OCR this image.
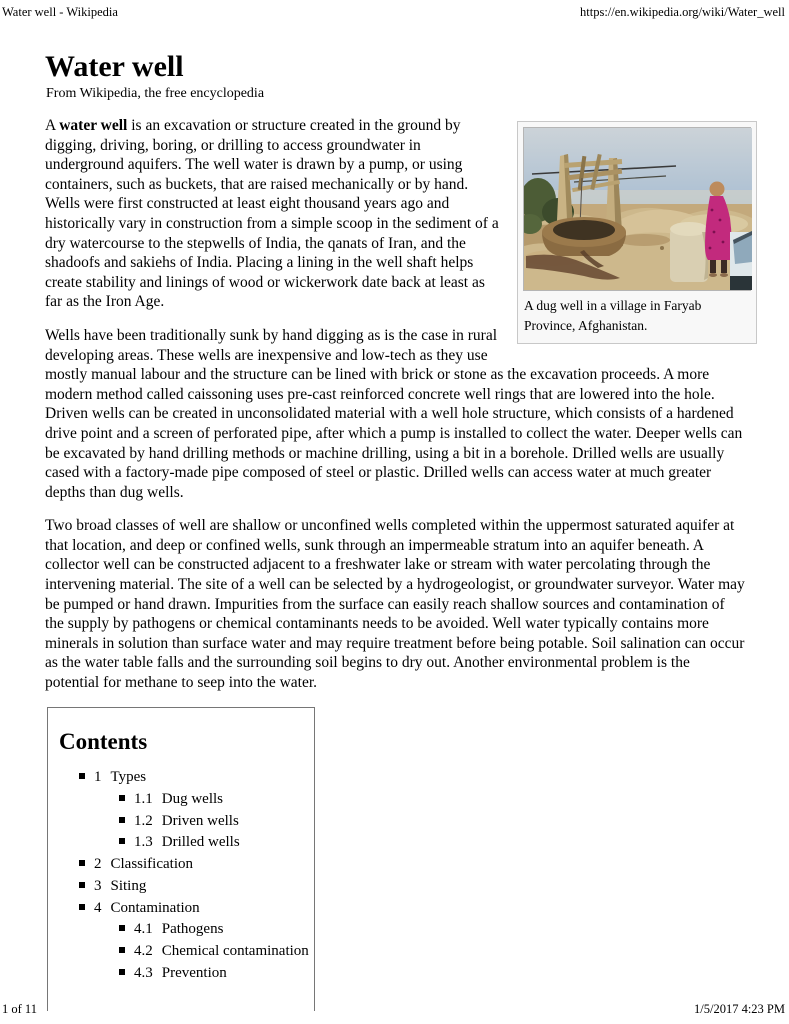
Water well - Wikipedia	https://en.wikipedia.org/wiki/Water_well
Water well
From Wikipedia, the free encyclopedia
A dug well in a village in Faryab Province, Afghanistan.

A water well is an excavation or structure created in the ground by digging, driving, boring, or drilling to access groundwater in underground aquifers. The well water is drawn by a pump, or using containers, such as buckets, that are raised mechanically or by hand. Wells were first constructed at least eight thousand years ago and historically vary in construction from a simple scoop in the sediment of a dry watercourse to the stepwells of India, the qanats of Iran, and the shadoofs and sakiehs of India. Placing a lining in the well shaft helps create stability and linings of wood or wickerwork date back at least as far as the Iron Age.

Wells have been traditionally sunk by hand digging as is the case in rural developing areas. These wells are inexpensive and low-tech as they use mostly manual labour and the structure can be lined with brick or stone as the excavation proceeds. A more modern method called caissoning uses pre-cast reinforced concrete well rings that are lowered into the hole. Driven wells can be created in unconsolidated material with a well hole structure, which consists of a hardened drive point and a screen of perforated pipe, after which a pump is installed to collect the water. Deeper wells can be excavated by hand drilling methods or machine drilling, using a bit in a borehole. Drilled wells are usually cased with a factory-made pipe composed of steel or plastic. Drilled wells can access water at much greater depths than dug wells.

Two broad classes of well are shallow or unconfined wells completed within the uppermost saturated aquifer at that location, and deep or confined wells, sunk through an impermeable stratum into an aquifer beneath. A collector well can be constructed adjacent to a freshwater lake or stream with water percolating through the intervening material. The site of a well can be selected by a hydrogeologist, or groundwater surveyor. Water may be pumped or hand drawn. Impurities from the surface can easily reach shallow sources and contamination of the supply by pathogens or chemical contaminants needs to be avoided. Well water typically contains more minerals in solution than surface water and may require treatment before being potable. Soil salination can occur as the water table falls and the surrounding soil begins to dry out. Another environmental problem is the potential for methane to seep into the water.

Contents
1 Types
1.1 Dug wells
1.2 Driven wells
1.3 Drilled wells
2 Classification
3 Siting
4 Contamination
4.1 Pathogens
4.2 Chemical contamination
4.3 Prevention
1 of 11	1/5/2017 4:23 PM
